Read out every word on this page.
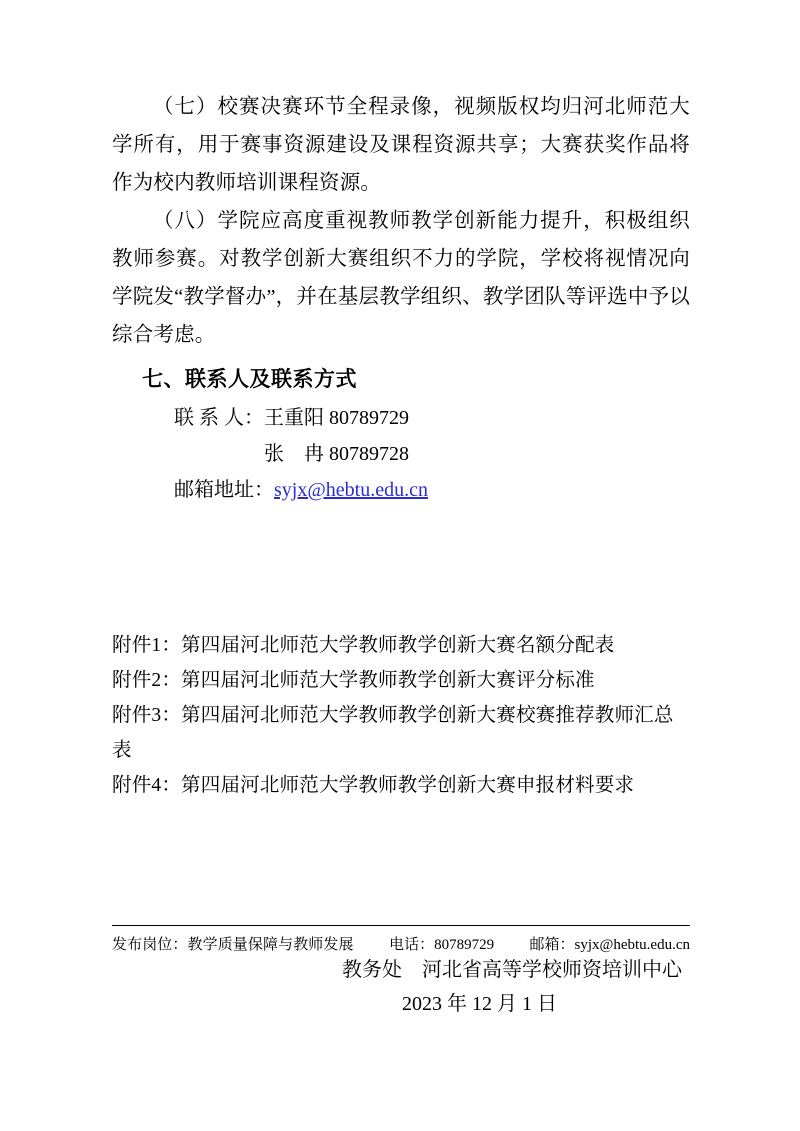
（七）校赛决赛环节全程录像，视频版权均归河北师范大学所有，用于赛事资源建设及课程资源共享；大赛获奖作品将作为校内教师培训课程资源。

（八）学院应高度重视教师教学创新能力提升，积极组织教师参赛。对教学创新大赛组织不力的学院，学校将视情况向学院发“教学督办”，并在基层教学组织、教学团队等评选中予以综合考虑。

七、联系人及联系方式

联 系 人：王重阳 80789729

张　冉 80789728

邮箱地址：syjx@hebtu.edu.cn

附件1：第四届河北师范大学教师教学创新大赛名额分配表

附件2：第四届河北师范大学教师教学创新大赛评分标准

附件3：第四届河北师范大学教师教学创新大赛校赛推荐教师汇总表

附件4：第四届河北师范大学教师教学创新大赛申报材料要求

教务处　河北省高等学校师资培训中心

2023 年 12 月 1 日

发布岗位：教学质量保障与教师发展 电话：80789729 邮箱：syjx@hebtu.edu.cn
